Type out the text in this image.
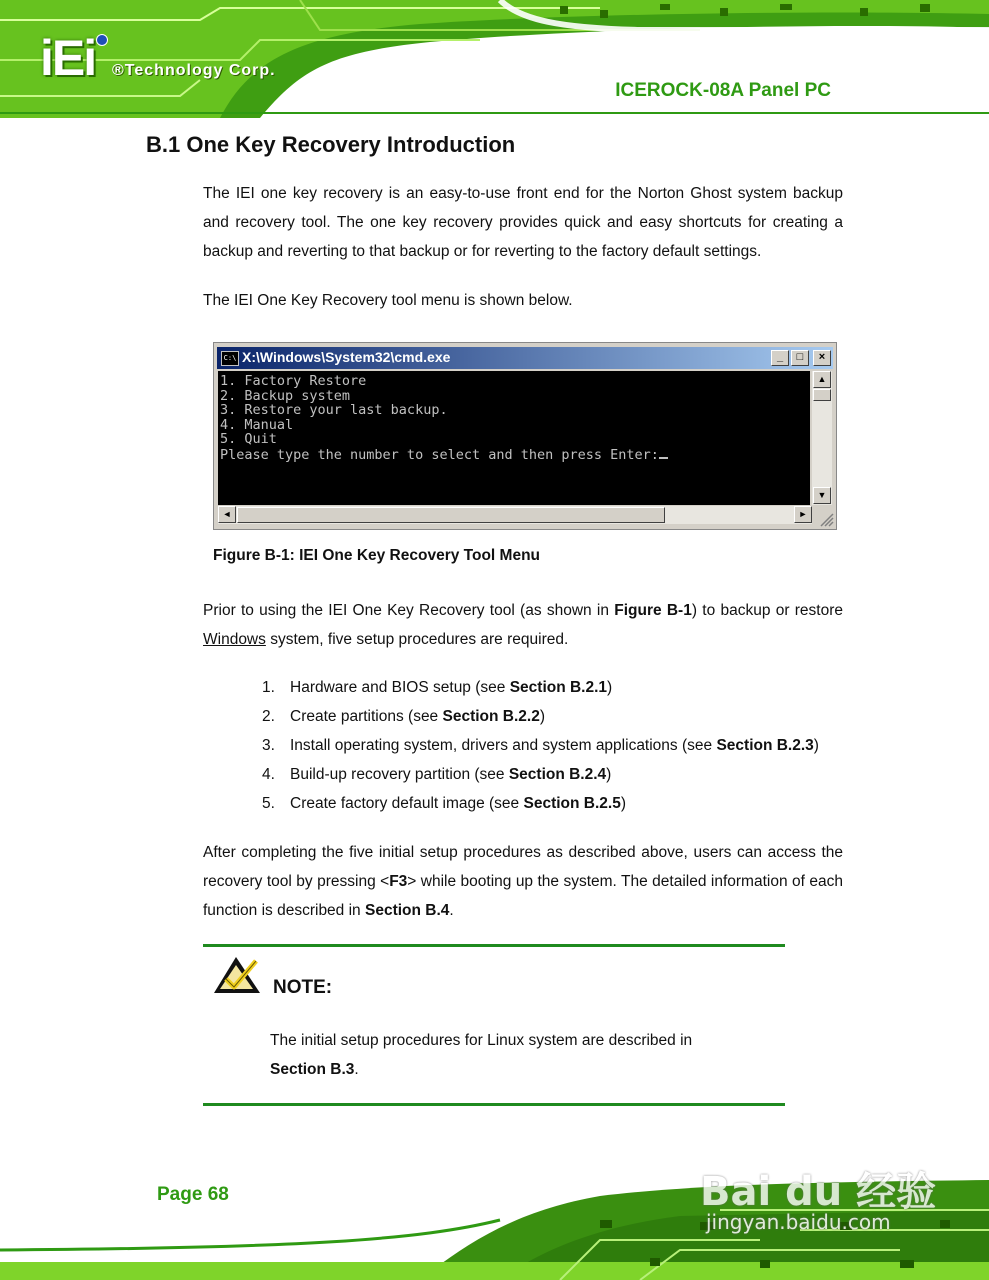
iEi ®Technology Corp.
ICEROCK-08A Panel PC
B.1 One Key Recovery Introduction
The IEI one key recovery is an easy-to-use front end for the Norton Ghost system backup and recovery tool. The one key recovery provides quick and easy shortcuts for creating a backup and reverting to that backup or for reverting to the factory default settings.
The IEI One Key Recovery tool menu is shown below.
C:\ X:\Windows\System32\cmd.exe	_	□	×
1. Factory Restore
2. Backup system
3. Restore your last backup.
4. Manual
5. Quit
Please type the number to select and then press Enter:
▲
▼
◄	►
Figure B-1: IEI One Key Recovery Tool Menu
Prior to using the IEI One Key Recovery tool (as shown in Figure B-1) to backup or restore Windows system, five setup procedures are required.
1. Hardware and BIOS setup (see Section B.2.1)
2. Create partitions (see Section B.2.2)
3. Install operating system, drivers and system applications (see Section B.2.3)
4. Build-up recovery partition (see Section B.2.4)
5. Create factory default image (see Section B.2.5)
After completing the five initial setup procedures as described above, users can access the recovery tool by pressing <F3> while booting up the system. The detailed information of each function is described in Section B.4.
NOTE:
The initial setup procedures for Linux system are described in
Section B.3.
Page 68	Bai du 经验
jingyan.baidu.com
